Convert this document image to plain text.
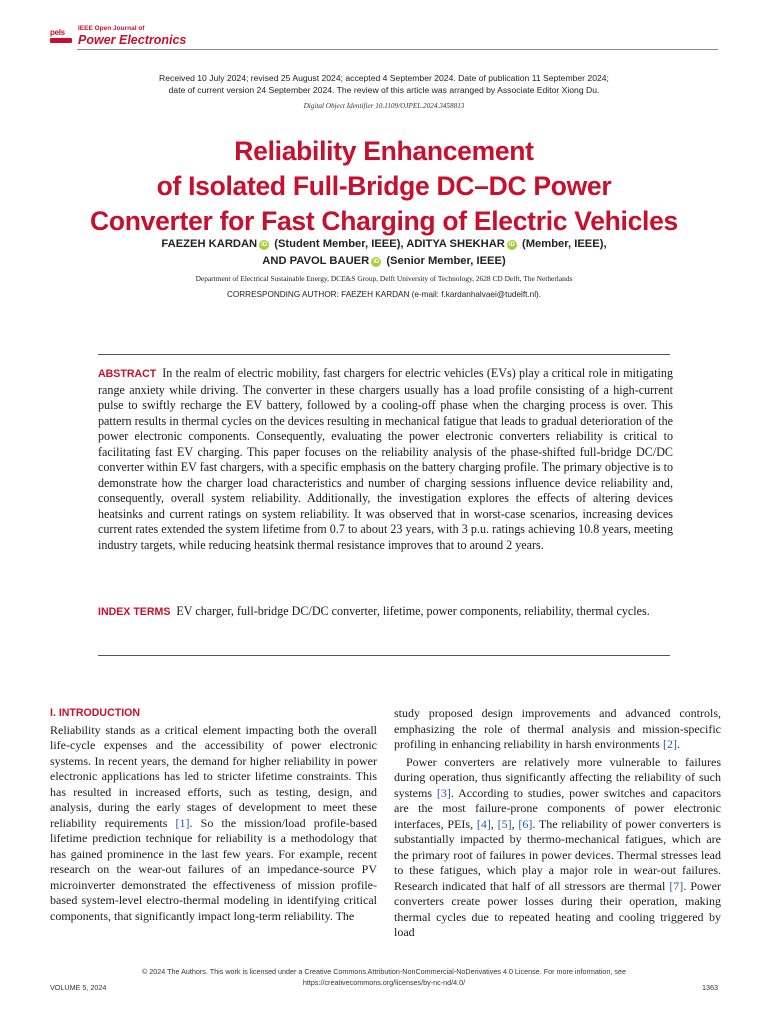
pels IEEE Open Journal of
Power Electronics
Received 10 July 2024; revised 25 August 2024; accepted 4 September 2024. Date of publication 11 September 2024;
date of current version 24 September 2024. The review of this article was arranged by Associate Editor Xiong Du.
Digital Object Identifier 10.1109/OJPEL.2024.3458813
Reliability Enhancement
of Isolated Full-Bridge DC–DC Power
Converter for Fast Charging of Electric Vehicles
FAEZEH KARDAN iD (Student Member, IEEE), ADITYA SHEKHAR iD (Member, IEEE),
AND PAVOL BAUER iD (Senior Member, IEEE)
Department of Electrical Sustainable Energy, DCE&S Group, Delft University of Technology, 2628 CD Delft, The Netherlands
CORRESPONDING AUTHOR: FAEZEH KARDAN (e-mail: f.kardanhalvaei@tudelft.nl).
ABSTRACT In the realm of electric mobility, fast chargers for electric vehicles (EVs) play a critical role in mitigating range anxiety while driving. The converter in these chargers usually has a load profile consisting of a high-current pulse to swiftly recharge the EV battery, followed by a cooling-off phase when the charging process is over. This pattern results in thermal cycles on the devices resulting in mechanical fatigue that leads to gradual deterioration of the power electronic components. Consequently, evaluating the power electronic converters reliability is critical to facilitating fast EV charging. This paper focuses on the reliability analysis of the phase-shifted full-bridge DC/DC converter within EV fast chargers, with a specific emphasis on the battery charging profile. The primary objective is to demonstrate how the charger load characteristics and number of charging sessions influence device reliability and, consequently, overall system reliability. Additionally, the investigation explores the effects of altering devices heatsinks and current ratings on system reliability. It was observed that in worst-case scenarios, increasing devices current rates extended the system lifetime from 0.7 to about 23 years, with 3 p.u. ratings achieving 10.8 years, meeting industry targets, while reducing heatsink thermal resistance improves that to around 2 years.
INDEX TERMS EV charger, full-bridge DC/DC converter, lifetime, power components, reliability, thermal cycles.
I. INTRODUCTION

Reliability stands as a critical element impacting both the overall life-cycle expenses and the accessibility of power electronic systems. In recent years, the demand for higher reliability in power electronic applications has led to stricter lifetime constraints. This has resulted in increased efforts, such as testing, design, and analysis, during the early stages of development to meet these reliability requirements [1]. So the mission/load profile-based lifetime prediction technique for reliability is a methodology that has gained prominence in the last few years. For example, recent research on the wear-out failures of an impedance-source PV microinverter demonstrated the effectiveness of mission profile-based system-level electro-thermal modeling in identifying critical components, that significantly impact long-term reliability. The

study proposed design improvements and advanced controls, emphasizing the role of thermal analysis and mission-specific profiling in enhancing reliability in harsh environments [2].

Power converters are relatively more vulnerable to failures during operation, thus significantly affecting the reliability of such systems [3]. According to studies, power switches and capacitors are the most failure-prone components of power electronic interfaces, PEIs, [4], [5], [6]. The reliability of power converters is substantially impacted by thermo-mechanical fatigues, which are the primary root of failures in power devices. Thermal stresses lead to these fatigues, which play a major role in wear-out failures. Research indicated that half of all stressors are thermal [7]. Power converters create power losses during their operation, making thermal cycles due to repeated heating and cooling triggered by load

© 2024 The Authors. This work is licensed under a Creative Commons Attribution-NonCommercial-NoDerivatives 4.0 License. For more information, see
https://creativecommons.org/licenses/by-nc-nd/4.0/
VOLUME 5, 2024	1363
